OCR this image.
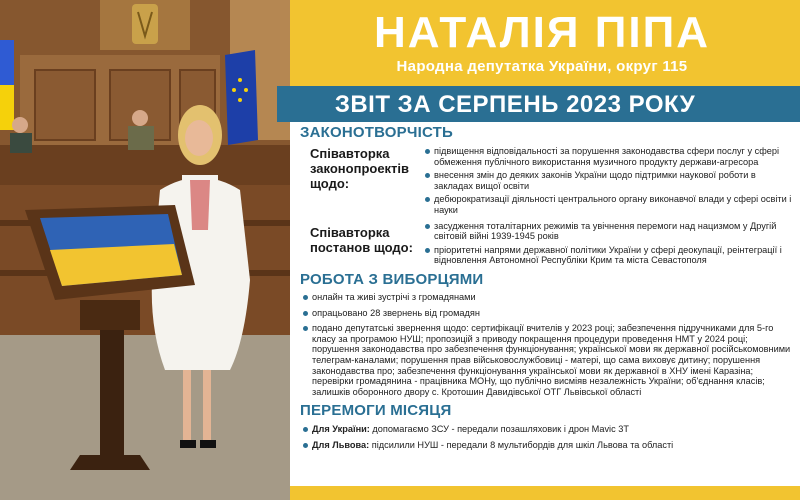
НАТАЛІЯ ПІПА
Народна депутатка України, округ 115
ЗВІТ ЗА СЕРПЕНЬ 2023 РОКУ
ЗАКОНОТВОРЧІСТЬ
Співавторка законопроектів щодо:
підвищення відповідальності за порушення законодавства сфери послуг у сфері обмеження публічного використання музичного продукту держави-агресора
внесення змін до деяких законів України щодо підтримки наукової роботи в закладах вищої освіти
дебюрократизації діяльності центрального органу виконавчої влади у сфері освіти і науки
Співавторка постанов щодо:
засудження тоталітарних режимів та увічнення перемоги над нацизмом у Другій світовій війні 1939-1945 років
пріоритетні напрями державної політики України у сфері деокупації, реінтеграції і відновлення Автономної Республіки Крим та міста Севастополя
РОБОТА З ВИБОРЦЯМИ
онлайн та живі зустрічі з громадянами
опрацьовано 28 звернень від громадян
подано депутатські звернення щодо: сертифікації вчителів у 2023 році; забезпечення підручниками для 5-го класу за програмою НУШ; пропозицій з приводу покращення процедури проведення НМТ у 2024 році; порушення законодавства про забезпечення функціонування; української мови як державної російськомовними телеграм-каналами; порушення прав військовослужбовиці - матері, що сама виховує дитину; порушення законодавства про; забезпечення функціонування української мови як державної в ХНУ імені Каразіна; перевірки громадянина - працівника МОНу, що публічно висміяв незалежність України; об'єднання класів; залишків оборонного двору с. Кротошин Давидівської ОТГ Львівської області
ПЕРЕМОГИ МІСЯЦЯ
Для України: допомагаємо ЗСУ - передали позашляховик і дрон Mavic 3T
Для Львова: підсилили НУШ - передали 8 мультибордів для шкіл Львова та області
